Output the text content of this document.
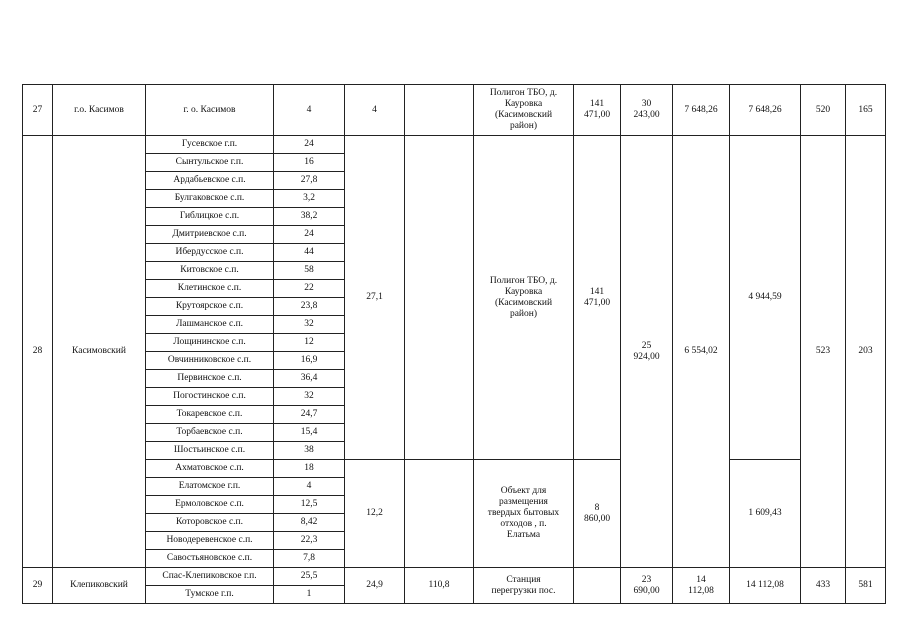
27	г.о. Касимов	г. о. Касимов	4	4		Полигон ТБО, д.
Кауровка
(Касимовский
район)	141
471,00	30
243,00	7 648,26	7 648,26	520	165
28	Касимовский	Гусевское г.п.	24	27,1		Полигон ТБО, д.
Кауровка
(Касимовский
район)	141
471,00	25
924,00	6 554,02	4 944,59	523	203
		Сынтульское г.п.	16									
		Ардабьевское с.п.	27,8									
		Булгаковское с.п.	3,2									
		Гиблицкое с.п.	38,2									
		Дмитриевское с.п.	24									
		Ибердусское с.п.	44									
		Китовское с.п.	58									
		Клетинское с.п.	22									
		Крутоярское с.п.	23,8									
		Лашманское с.п.	32									
		Лощининское с.п.	12									
		Овчинниковское с.п.	16,9									
		Первинское с.п.	36,4									
		Погостинское с.п.	32									
		Токаревское с.п.	24,7									
		Торбаевское с.п.	15,4									
		Шостьинское с.п.	38									
		Ахматовское с.п.	18	12,2		Объект для
размещения
твердых бытовых
отходов , п.
Елатьма	8
860,00			1 609,43		
		Елатомское г.п.	4									
		Ермоловское с.п.	12,5									
		Которовское с.п.	8,42									
		Новодеревенское с.п.	22,3									
		Савостьяновское с.п.	7,8									
29	Клепиковский	Спас-Клепиковское г.п.	25,5	24,9	110,8	Станция
перегрузки пос.		23
690,00	14
112,08	14 112,08	433	581
		Тумское г.п.	1									
